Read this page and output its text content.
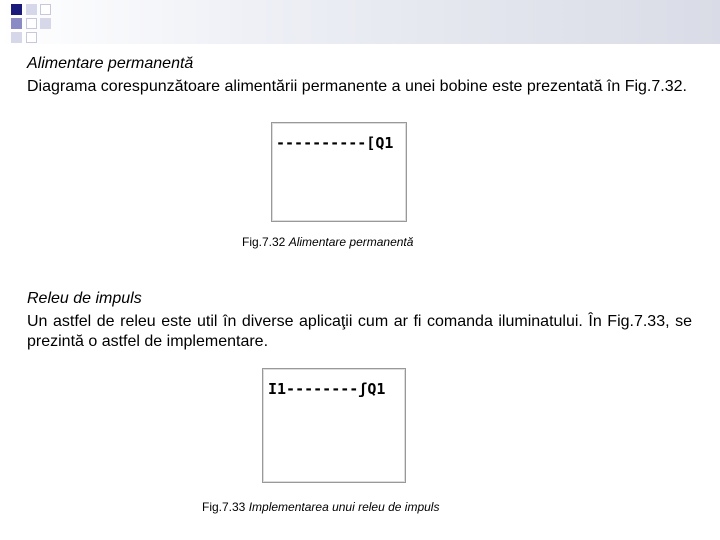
Alimentare permanentă
Diagrama corespunzătoare alimentării permanente a unei bobine este prezentată în Fig.7.32.
----------[Q1
Fig.7.32 Alimentare permanentă
Releu de impuls
Un astfel de releu este util în diverse aplicaţii cum ar fi comanda iluminatului. În Fig.7.33, se prezintă o astfel de implementare.
I1--------ʃQ1
Fig.7.33 Implementarea unui releu de impuls
